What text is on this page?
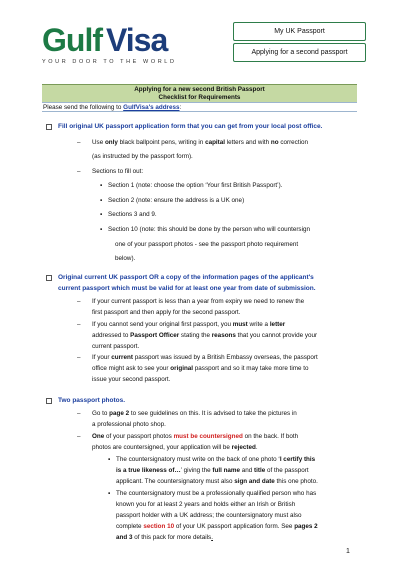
Gulf Visa
YOUR DOOR TO THE WORLD
My UK Passport
Applying for a second passport
Applying for a new second British Passport
Checklist for Requirements
Please send the following to GulfVisa's address:
Fill original UK passport application form that you can get from your local post office.
– Use only black ballpoint pens, writing in capital letters and with no correction
(as instructed by the passport form).
– Sections to fill out:
▪ Section 1 (note: choose the option ‘Your first British Passport’).
▪ Section 2 (note: ensure the address is a UK one)
▪ Sections 3 and 9.
▪ Section 10 (note: this should be done by the person who will countersign
one of your passport photos - see the passport photo requirement
below).
Original current UK passport OR a copy of the information pages of the applicant's
current passport which must be valid for at least one year from date of submission.
– If your current passport is less than a year from expiry we need to renew the
first passport and then apply for the second passport.
– If you cannot send your original first passport, you must write a letter
addressed to Passport Officer stating the reasons that you cannot provide your
current passport.
– If your current passport was issued by a British Embassy overseas, the passport
office might ask to see your original passport and so it may take more time to
issue your second passport.
Two passport photos.
– Go to page 2 to see guidelines on this. It is advised to take the pictures in
a professional photo shop.
– One of your passport photos must be countersigned on the back. If both
photos are countersigned, your application will be rejected.
▪ The countersignatory must write on the back of one photo ‘I certify this
is a true likeness of…’ giving the full name and title of the passport
applicant. The countersignatory must also sign and date this one photo.
▪ The countersignatory must be a professionally qualified person who has
known you for at least 2 years and holds either an Irish or British
passport holder with a UK address; the countersignatory must also
complete section 10 of your UK passport application form. See pages 2
and 3 of this pack for more details.
1
